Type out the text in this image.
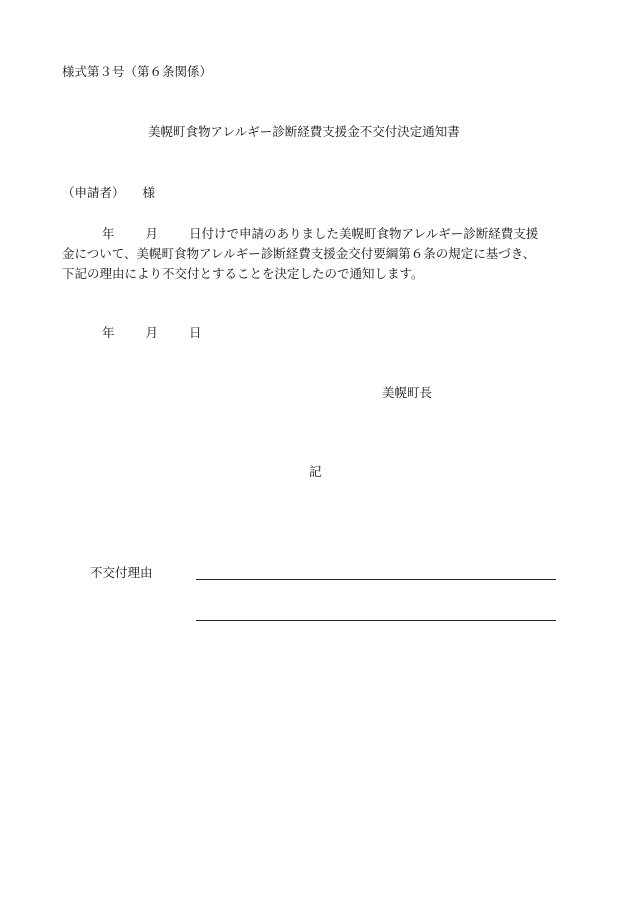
様式第３号（第６条関係）
美幌町食物アレルギー診断経費支援金不交付決定通知書
（申請者） 様
年 月 日付けで申請のありました美幌町食物アレルギー診断経費支援
金について、美幌町食物アレルギー診断経費支援金交付要綱第６条の規定に基づき、
下記の理由により不交付とすることを決定したので通知します。
年 月 日
美幌町長
記
不交付理由
